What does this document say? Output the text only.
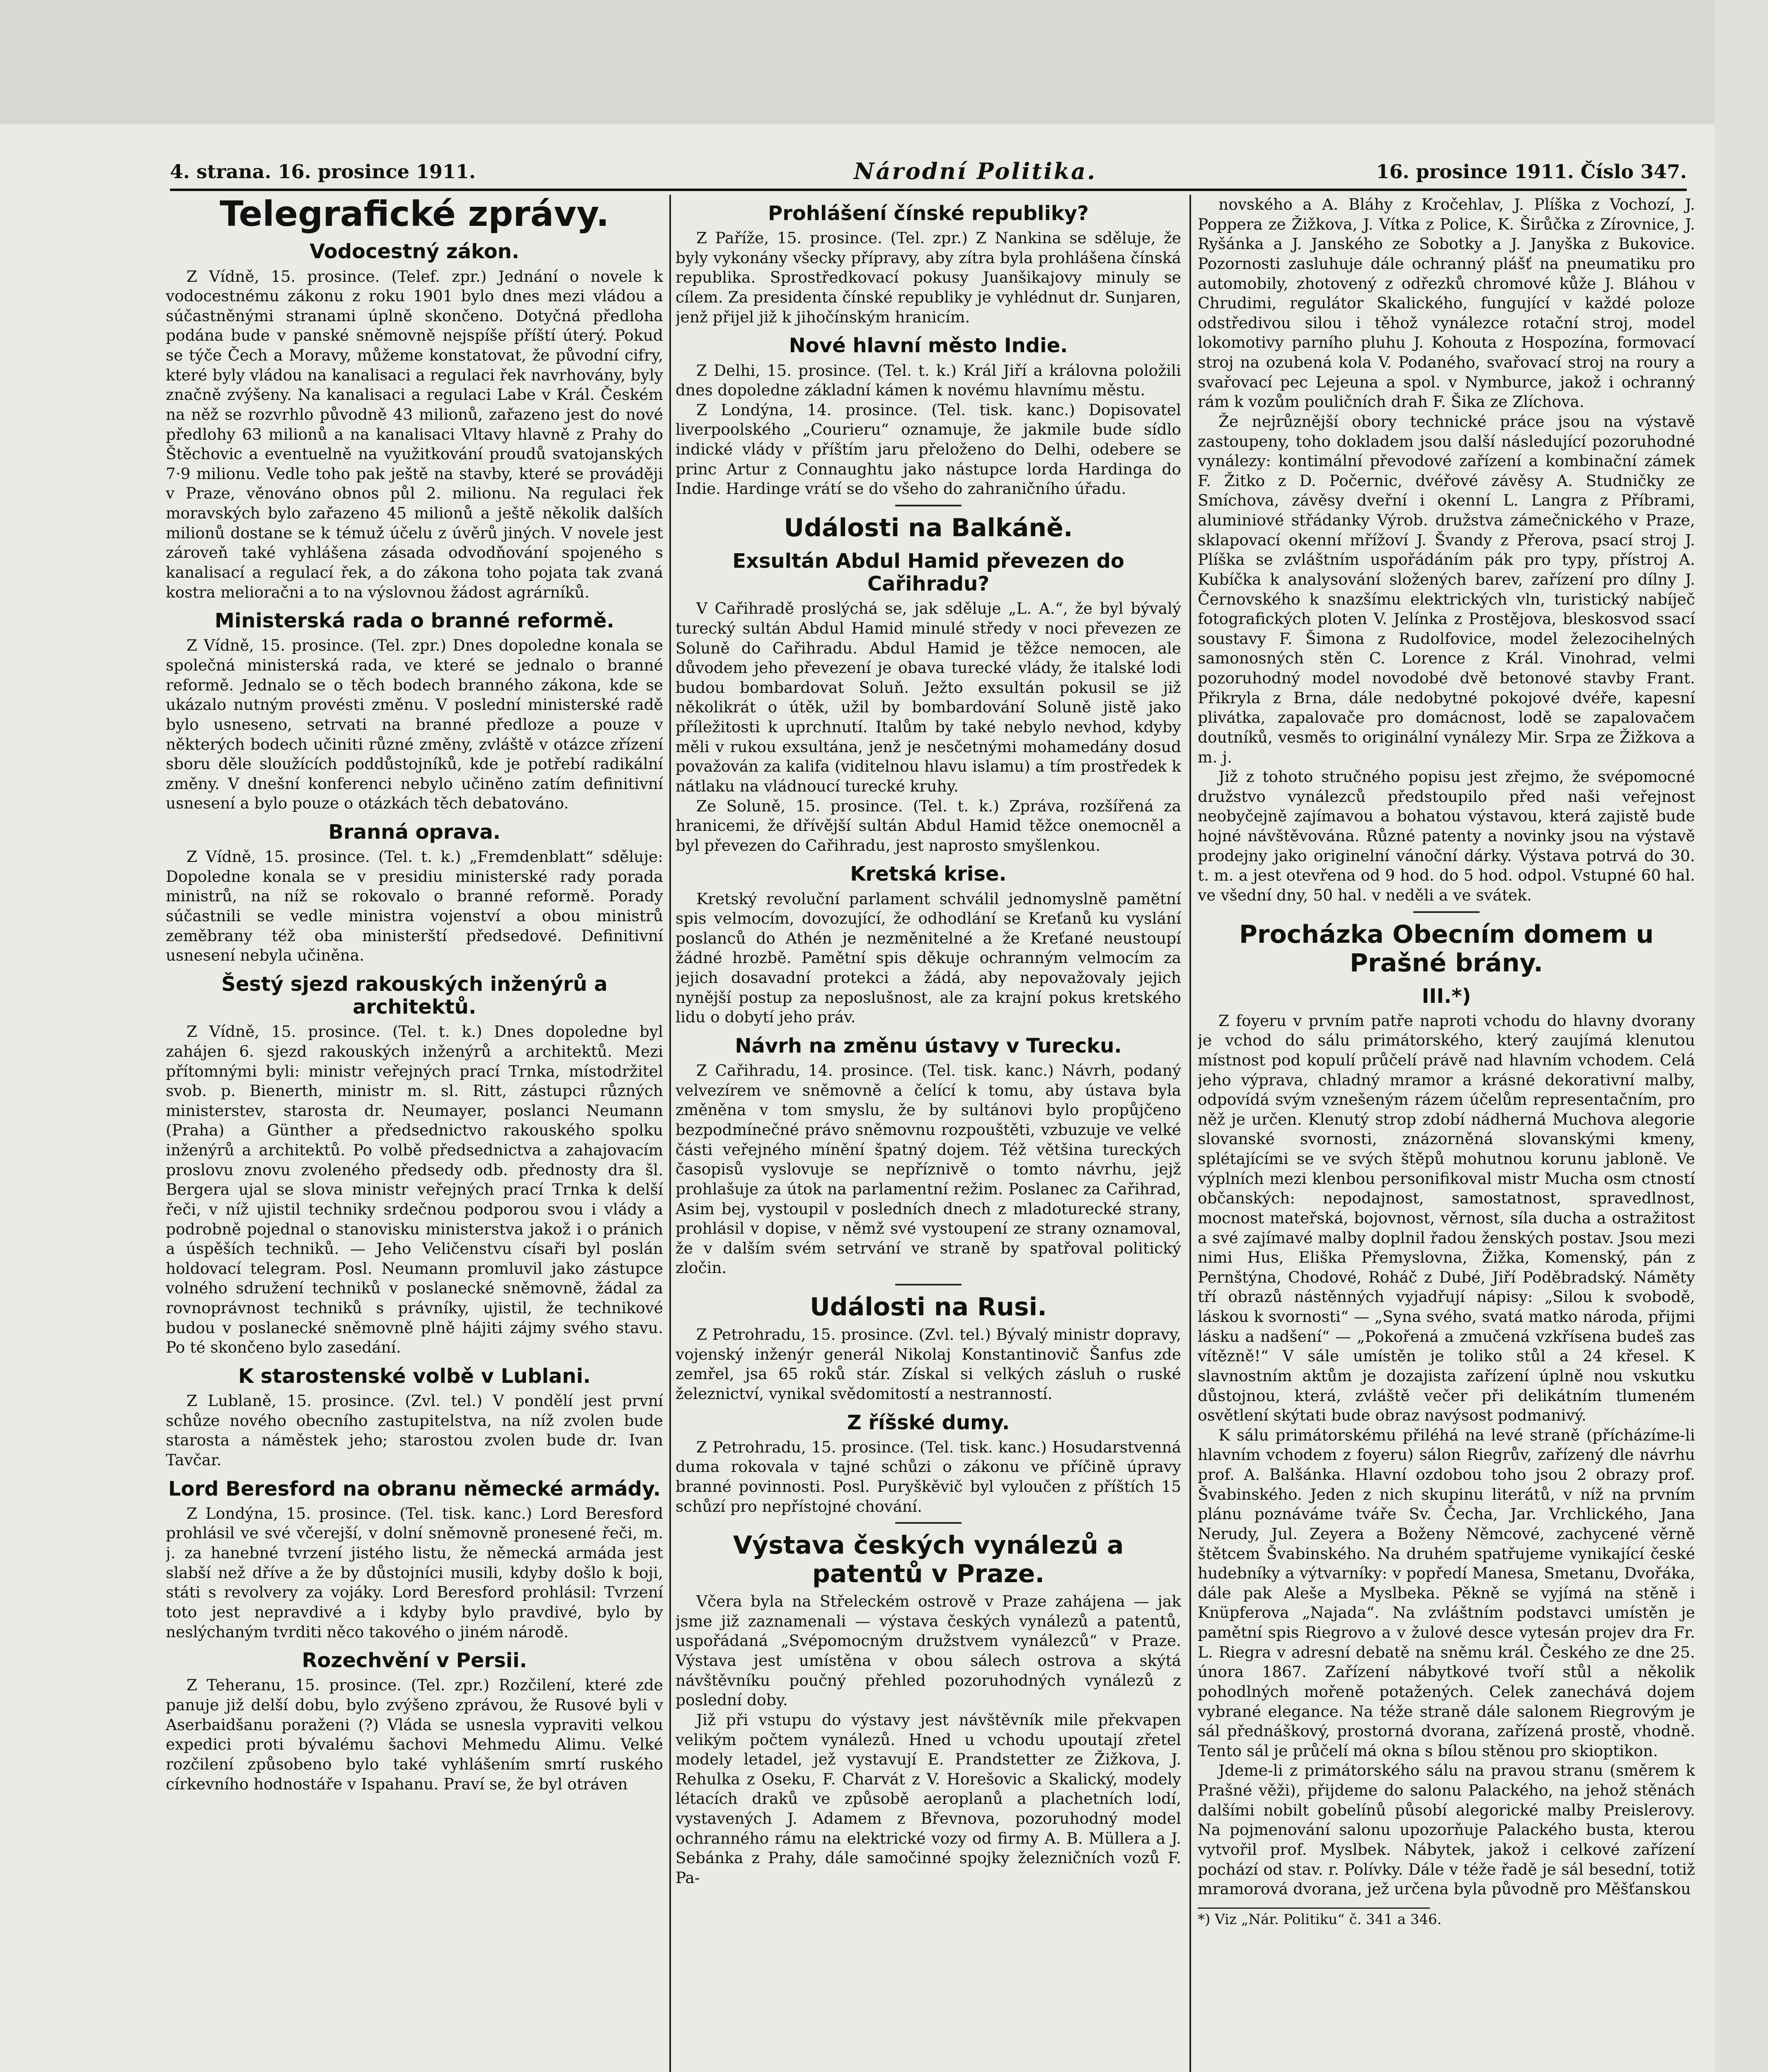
4. strana. 16. prosince 1911.	Národní Politika.	16. prosince 1911. Číslo 347.
Telegrafické zprávy.
Vodocestný zákon.

Z Vídně, 15. prosince. (Telef. zpr.) Jednání o novele k vodocestnému zákonu z roku 1901 bylo dnes mezi vládou a súčastněnými stranami úplně skončeno. Dotyčná předloha podána bude v panské sněmovně nejspíše příští úterý. Pokud se týče Čech a Moravy, můžeme konstatovat, že původní cifry, které byly vládou na kanalisaci a regulaci řek navrhovány, byly značně zvýšeny. Na kanalisaci a regulaci Labe v Král. Českém na něž se rozvrhlo původně 43 milionů, zařazeno jest do nové předlohy 63 milionů a na kanalisaci Vltavy hlavně z Prahy do Štěchovic a eventuelně na využitkování proudů svatojanských 7·9 milionu. Vedle toho pak ještě na stavby, které se prováději v Praze, věnováno obnos půl 2. milionu. Na regulaci řek moravských bylo zařazeno 45 milionů a ještě několik dalších milionů dostane se k témuž účelu z úvěrů jiných. V novele jest zároveň také vyhlášena zásada odvodňování spojeného s kanalisací a regulací řek, a do zákona toho pojata tak zvaná kostra melioračni a to na výslovnou žádost agrárníků.

Ministerská rada o branné reformě.

Z Vídně, 15. prosince. (Tel. zpr.) Dnes dopoledne konala se společná ministerská rada, ve které se jednalo o branné reformě. Jednalo se o těch bodech branného zákona, kde se ukázalo nutným provésti změnu. V poslední ministerské radě bylo usneseno, setrvati na branné předloze a pouze v některých bodech učiniti různé změny, zvláště v otázce zřízení sboru děle sloužících poddůstojníků, kde je potřebí radikální změny. V dnešní konferenci nebylo učiněno zatím definitivní usnesení a bylo pouze o otázkách těch debatováno.

Branná oprava.

Z Vídně, 15. prosince. (Tel. t. k.) „Fremdenblatt“ sděluje: Dopoledne konala se v presidiu ministerské rady porada ministrů, na níž se rokovalo o branné reformě. Porady súčastnili se vedle ministra vojenství a obou ministrů zeměbrany též oba ministerští předsedové. Definitivní usnesení nebyla učiněna.

Šestý sjezd rakouských inženýrů a architektů.

Z Vídně, 15. prosince. (Tel. t. k.) Dnes dopoledne byl zahájen 6. sjezd rakouských inženýrů a architektů. Mezi přítomnými byli: ministr veřejných prací Trnka, místodržitel svob. p. Bienerth, ministr m. sl. Ritt, zástupci různých ministerstev, starosta dr. Neumayer, poslanci Neumann (Praha) a Günther a předsednictvo rakouského spolku inženýrů a architektů. Po volbě předsednictva a zahajovacím proslovu znovu zvoleného předsedy odb. přednosty dra šl. Bergera ujal se slova ministr veřejných prací Trnka k delší řeči, v níž ujistil techniky srdečnou podporou svou i vlády a podrobně pojednal o stanovisku ministerstva jakož i o pránich a úspěších techniků. — Jeho Veličenstvu císaři byl poslán holdovací telegram. Posl. Neumann promluvil jako zástupce volného sdružení techniků v poslanecké sněmovně, žádal za rovnoprávnost techniků s právníky, ujistil, že technikové budou v poslanecké sněmovně plně hájiti zájmy svého stavu. Po té skončeno bylo zasedání.

K starostenské volbě v Lublani.

Z Lublaně, 15. prosince. (Zvl. tel.) V pondělí jest první schůze nového obecního zastupitelstva, na níž zvolen bude starosta a náměstek jeho; starostou zvolen bude dr. Ivan Tavčar.

Lord Beresford na obranu německé armády.

Z Londýna, 15. prosince. (Tel. tisk. kanc.) Lord Beresford prohlásil ve své včerejší, v dolní sněmovně pronesené řeči, m. j. za hanebné tvrzení jistého listu, že německá armáda jest slabší než dříve a že by důstojníci musili, kdyby došlo k boji, státi s revolvery za vojáky. Lord Beresford prohlásil: Tvrzení toto jest nepravdivé a i kdyby bylo pravdivé, bylo by neslýchaným tvrditi něco takového o jiném národě.

Rozechvění v Persii.

Z Teheranu, 15. prosince. (Tel. zpr.) Rozčilení, které zde panuje již delší dobu, bylo zvýšeno zprávou, že Rusové byli v Aserbaidšanu poraženi (?) Vláda se usnesla vypraviti velkou expedici proti bývalému šachovi Mehmedu Alimu. Velké rozčilení způsobeno bylo také vyhlášením smrtí ruského církevního hodnostáře v Ispahanu. Praví se, že byl otráven

Prohlášení čínské republiky?

Z Paříže, 15. prosince. (Tel. zpr.) Z Nankina se sděluje, že byly vykonány všecky přípravy, aby zítra byla prohlášena čínská republika. Sprostředkovací pokusy Juanšikajovy minuly se cílem. Za presidenta čínské republiky je vyhlédnut dr. Sunjaren, jenž přijel již k jihočínským hranicím.

Nové hlavní město Indie.

Z Delhi, 15. prosince. (Tel. t. k.) Král Jiří a královna položili dnes dopoledne základní kámen k novému hlavnímu městu.

Z Londýna, 14. prosince. (Tel. tisk. kanc.) Dopisovatel liverpoolského „Courieru“ oznamuje, že jakmile bude sídlo indické vlády v příštím jaru přeloženo do Delhi, odebere se princ Artur z Connaughtu jako nástupce lorda Hardinga do Indie. Hardinge vrátí se do všeho do zahraničního úřadu.

Události na Balkáně.
Exsultán Abdul Hamid převezen do Cařihradu?

V Cařihradě proslýchá se, jak sděluje „L. A.“, že byl bývalý turecký sultán Abdul Hamid minulé středy v noci převezen ze Soluně do Cařihradu. Abdul Hamid je těžce nemocen, ale důvodem jeho převezení je obava turecké vlády, že italské lodi budou bombardovat Soluň. Ježto exsultán pokusil se již několikrát o útěk, užil by bombardování Soluně jistě jako příležitosti k uprchnutí. Italům by také nebylo nevhod, kdyby měli v rukou exsultána, jenž je nesčetnými mohamedány dosud považován za kalifa (viditelnou hlavu islamu) a tím prostředek k nátlaku na vládnoucí turecké kruhy.

Ze Soluně, 15. prosince. (Tel. t. k.) Zpráva, rozšířená za hranicemi, že dřívější sultán Abdul Hamid těžce onemocněl a byl převezen do Cařihradu, jest naprosto smyšlenkou.

Kretská krise.

Kretský revoluční parlament schválil jednomyslně pamětní spis velmocím, dovozující, že odhodlání se Kreťanů ku vyslání poslanců do Athén je nezměnitelné a že Kreťané neustoupí žádné hrozbě. Pamětní spis děkuje ochranným velmocím za jejich dosavadní protekci a žádá, aby nepovažovaly jejich nynější postup za neposlušnost, ale za krajní pokus kretského lidu o dobytí jeho práv.

Návrh na změnu ústavy v Turecku.

Z Cařihradu, 14. prosince. (Tel. tisk. kanc.) Návrh, podaný velvezírem ve sněmovně a čelící k tomu, aby ústava byla změněna v tom smyslu, že by sultánovi bylo propůjčeno bezpodmínečné právo sněmovnu rozpouštěti, vzbuzuje ve velké části veřejného mínění špatný dojem. Též většina tureckých časopisů vyslovuje se nepříznivě o tomto návrhu, jejž prohlašuje za útok na parlamentní režim. Poslanec za Cařihrad, Asim bej, vystoupil v posledních dnech z mladoturecké strany, prohlásil v dopise, v němž své vystoupení ze strany oznamoval, že v dalším svém setrvání ve straně by spatřoval politický zločin.

Události na Rusi.

Z Petrohradu, 15. prosince. (Zvl. tel.) Bývalý ministr dopravy, vojenský inženýr generál Nikolaj Konstantinovič Šanfus zde zemřel, jsa 65 roků stár. Získal si velkých zásluh o ruské železnictví, vynikal svědomitostí a nestranností.

Z říšské dumy.

Z Petrohradu, 15. prosince. (Tel. tisk. kanc.) Hosudarstvenná duma rokovala v tajné schůzi o zákonu ve příčině úpravy branné povinnosti. Posl. Puryškěvič byl vyloučen z příštích 15 schůzí pro nepřístojné chování.

Výstava českých vynálezů a patentů v Praze.

Včera byla na Střeleckém ostrově v Praze zahájena — jak jsme již zaznamenali — výstava českých vynálezů a patentů, uspořádaná „Svépomocným družstvem vynálezců“ v Praze. Výstava jest umístěna v obou sálech ostrova a skýtá návštěvníku poučný přehled pozoruhodných vynálezů z poslední doby.

Již při vstupu do výstavy jest návštěvník mile překvapen velikým počtem vynálezů. Hned u vchodu upoutají zřetel modely letadel, jež vystavují E. Prandstetter ze Žižkova, J. Rehulka z Oseku, F. Charvát z V. Horešovic a Skalický, modely létacích draků ve způsobě aeroplanů a plachetních lodí, vystavených J. Adamem z Břevnova, pozoruhodný model ochranného rámu na elektrické vozy od firmy A. B. Müllera a J. Sebánka z Prahy, dále samočinné spojky železničních vozů F. Pa-

novského a A. Bláhy z Kročehlav, J. Plíška z Vochozí, J. Poppera ze Žižkova, J. Vítka z Police, K. Širůčka z Zírovnice, J. Ryšánka a J. Janského ze Sobotky a J. Janyška z Bukovice. Pozornosti zasluhuje dále ochranný plášť na pneumatiku pro automobily, zhotovený z odřezků chromové kůže J. Bláhou v Chrudimi, regulátor Skalického, fungující v každé poloze odstředivou silou i těhož vynálezce rotační stroj, model lokomotivy parního pluhu J. Kohouta z Hospozína, formovací stroj na ozubená kola V. Podaného, svařovací stroj na roury a svařovací pec Lejeuna a spol. v Nymburce, jakož i ochranný rám k vozům pouličních drah F. Šika ze Zlíchova.

Že nejrůznější obory technické práce jsou na výstavě zastoupeny, toho dokladem jsou další následující pozoruhodné vynálezy: kontimální převodové zařízení a kombinační zámek F. Žitko z D. Počernic, dvéřové závěsy A. Studničky ze Smíchova, závěsy dveřní i okenní L. Langra z Příbrami, aluminiové střádanky Výrob. družstva zámečnického v Praze, sklapovací okenní mřížoví J. Švandy z Přerova, psací stroj J. Plíška se zvláštním uspořádáním pák pro typy, přístroj A. Kubíčka k analysování složených barev, zařízení pro dílny J. Černovského k snazšímu elektrických vln, turistický nabíječ fotografických ploten V. Jelínka z Prostějova, bleskosvod ssací soustavy F. Šimona z Rudolfovice, model železocihelných samonosných stěn C. Lorence z Král. Vinohrad, velmi pozoruhodný model novodobé dvě betonové stavby Frant. Přikryla z Brna, dále nedobytné pokojové dvéře, kapesní plivátka, zapalovače pro domácnost, lodě se zapalovačem doutníků, vesměs to originální vynálezy Mir. Srpa ze Žižkova a m. j.

Již z tohoto stručného popisu jest zřejmo, že svépomocné družstvo vynálezců předstoupilo před naši veřejnost neobyčejně zajímavou a bohatou výstavou, která zajistě bude hojné návštěvována. Různé patenty a novinky jsou na výstavě prodejny jako originelní vánoční dárky. Výstava potrvá do 30. t. m. a jest otevřena od 9 hod. do 5 hod. odpol. Vstupné 60 hal. ve všední dny, 50 hal. v neděli a ve svátek.

Procházka Obecním domem u Prašné brány.
III.*)

Z foyeru v prvním patře naproti vchodu do hlavny dvorany je vchod do sálu primátorského, který zaujímá klenutou místnost pod kopulí průčelí právě nad hlavním vchodem. Celá jeho výprava, chladný mramor a krásné dekorativní malby, odpovídá svým vznešeným rázem účelům representačním, pro něž je určen. Klenutý strop zdobí nádherná Muchova alegorie slovanské svornosti, znázorněná slovanskými kmeny, splétajícími se ve svých štěpů mohutnou korunu jabloně. Ve výplních mezi klenbou personifikoval mistr Mucha osm ctností občanských: nepodajnost, samostatnost, spravedlnost, mocnost mateřská, bojovnost, věrnost, síla ducha a ostražitost a své zajímavé malby doplnil řadou ženských postav. Jsou mezi nimi Hus, Eliška Přemyslovna, Žižka, Komenský, pán z Pernštýna, Chodové, Roháč z Dubé, Jiří Poděbradský. Náměty tří obrazů nástěnných vyjadřují nápisy: „Silou k svobodě, láskou k svornosti“ — „Syna svého, svatá matko národa, přijmi lásku a nadšení“ — „Pokořená a zmučená vzkřísena budeš zas vítězně!“ V sále umístěn je toliko stůl a 24 křesel. K slavnostním aktům je dozajista zařízení úplně nou vskutku důstojnou, která, zvláště večer při delikátním tlumeném osvětlení skýtati bude obraz navýsost podmanivý.

K sálu primátorskému přiléhá na levé straně (přícházíme-li hlavním vchodem z foyeru) sálon Riegrův, zařízený dle návrhu prof. A. Balšánka. Hlavní ozdobou toho jsou 2 obrazy prof. Švabinského. Jeden z nich skupinu literátů, v níž na prvním plánu poznáváme tváře Sv. Čecha, Jar. Vrchlického, Jana Nerudy, Jul. Zeyera a Boženy Němcové, zachycené věrně štětcem Švabinského. Na druhém spatřujeme vynikající české hudebníky a výtvarníky: v popředí Manesa, Smetanu, Dvořáka, dále pak Aleše a Myslbeka. Pěkně se vyjímá na stěně i Knüpferova „Najada“. Na zvláštním podstavci umístěn je pamětní spis Riegrovo a v žulové desce vytesán projev dra Fr. L. Riegra v adresní debatě na sněmu král. Českého ze dne 25. února 1867. Zařízení nábytkové tvoří stůl a několik pohodlných mořeně potažených. Celek zanechává dojem vybrané elegance. Na téže straně dále salonem Riegrovým je sál přednáškový, prostorná dvorana, zařízená prostě, vhodně. Tento sál je průčelí má okna s bílou stěnou pro skioptikon.

Jdeme-li z primátorského sálu na pravou stranu (směrem k Prašné věži), přijdeme do salonu Palackého, na jehož stěnách dalšími nobilt gobelínů působí alegorické malby Preislerovy. Na pojmenování salonu upozorňuje Palackého busta, kterou vytvořil prof. Myslbek. Nábytek, jakož i celkové zařízení pochází od stav. r. Polívky. Dále v téže řadě je sál besední, totiž mramorová dvorana, jež určena byla původně pro Měšťanskou

*) Viz „Nár. Politiku“ č. 341 a 346.
